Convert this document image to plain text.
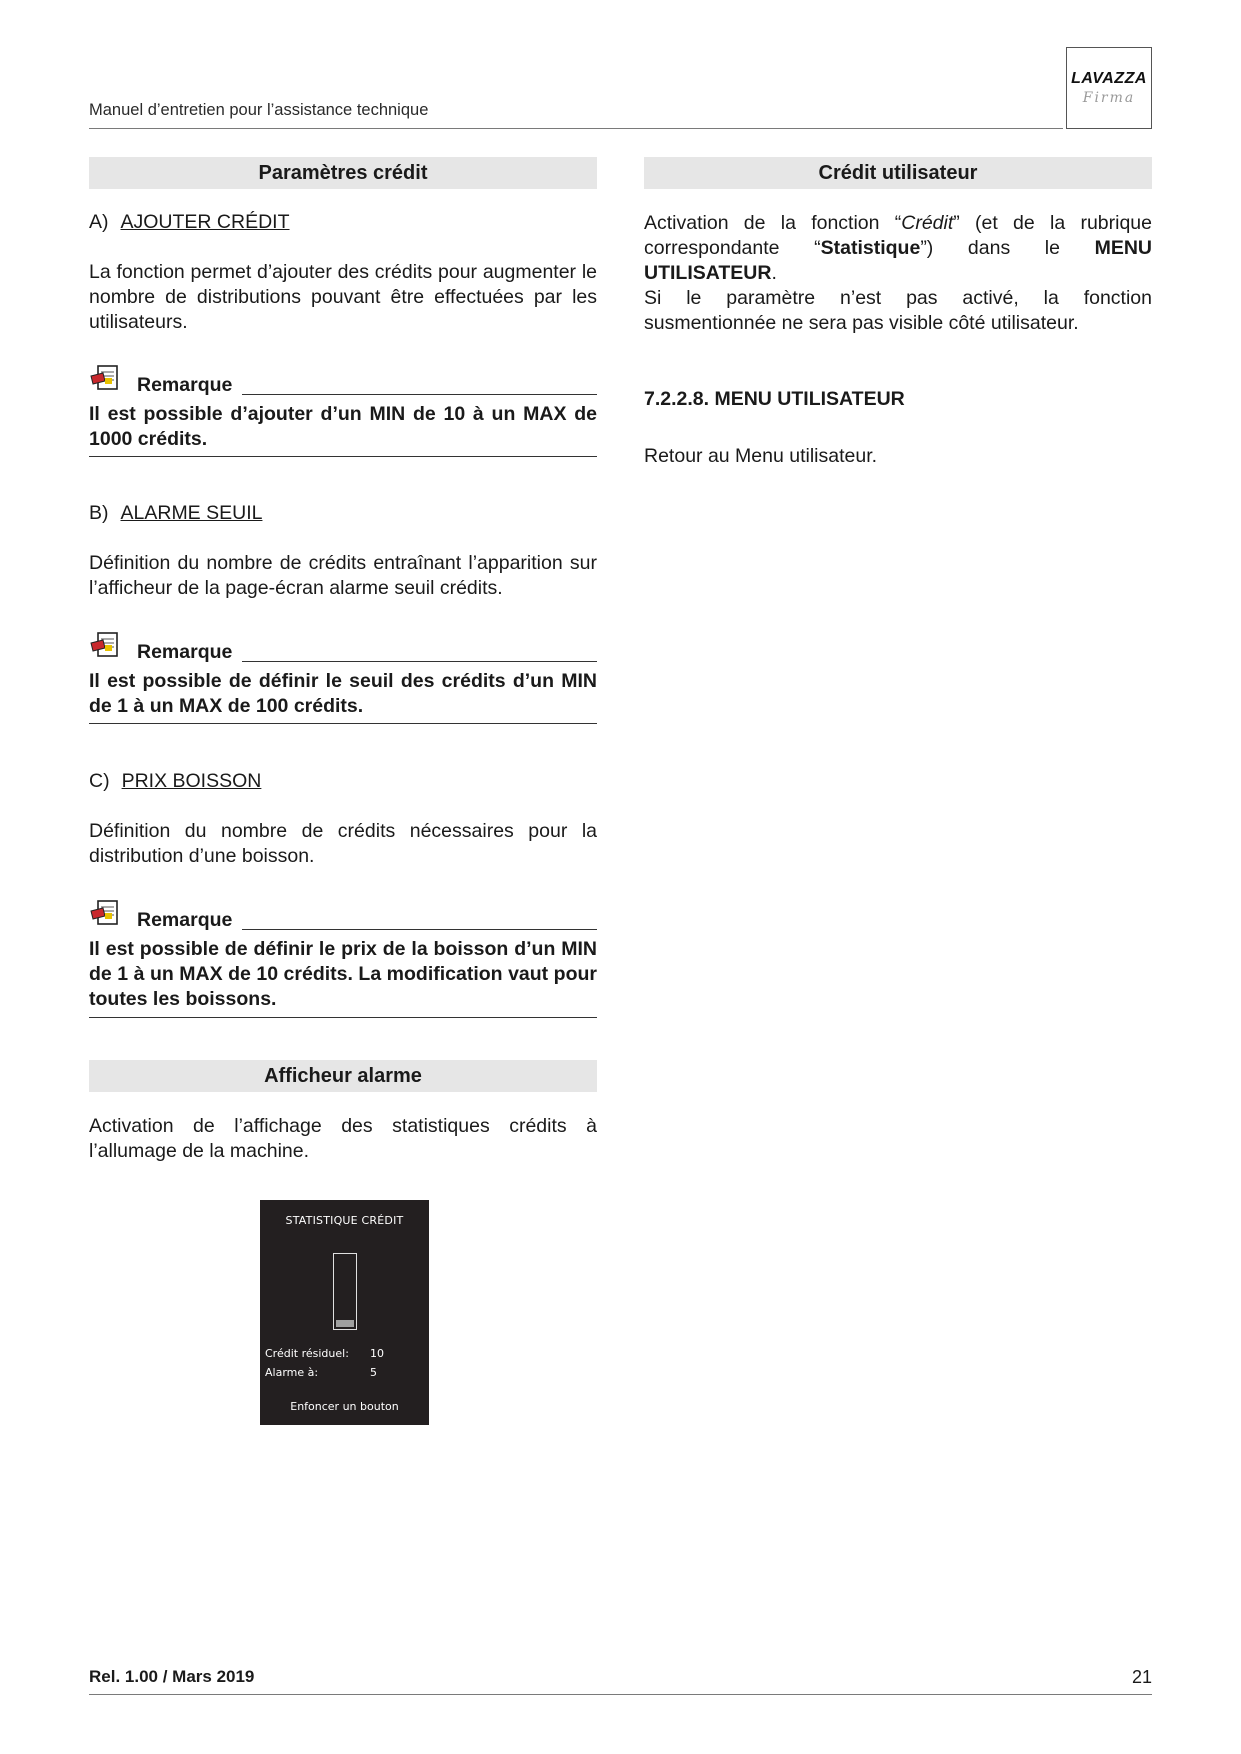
Manuel d’entretien pour l’assistance technique
LAVAZZA
Firma
Paramètres crédit
A) AJOUTER CRÉDIT
La fonction permet d’ajouter des crédits pour augmenter le nombre de distributions pouvant être effectuées par les utilisateurs.
Remarque
Il est possible d’ajouter d’un MIN de 10 à un MAX de 1000 crédits.
B) ALARME SEUIL
Définition du nombre de crédits entraînant l’apparition sur l’afficheur de la page-écran alarme seuil crédits.
Remarque
Il est possible de définir le seuil des crédits d’un MIN de 1 à un MAX de 100 crédits.
C) PRIX BOISSON
Définition du nombre de crédits nécessaires pour la distribution d’une boisson.
Remarque
Il est possible de définir le prix de la boisson d’un MIN de 1 à un MAX de 10 crédits. La modification vaut pour toutes les boissons.
Afficheur alarme
Activation de l’affichage des statistiques crédits à l’allumage de la machine.
STATISTIQUE CRÉDIT
Crédit résiduel: 10
Alarme à:	5
Enfoncer un bouton
Crédit utilisateur
Activation de la fonction “Crédit” (et de la rubrique correspondante “Statistique”) dans le MENU UTILISATEUR.
Si le paramètre n’est pas activé, la fonction susmentionnée ne sera pas visible côté utilisateur.
7.2.2.8. MENU UTILISATEUR
Retour au Menu utilisateur.
Rel. 1.00 / Mars 2019	21
